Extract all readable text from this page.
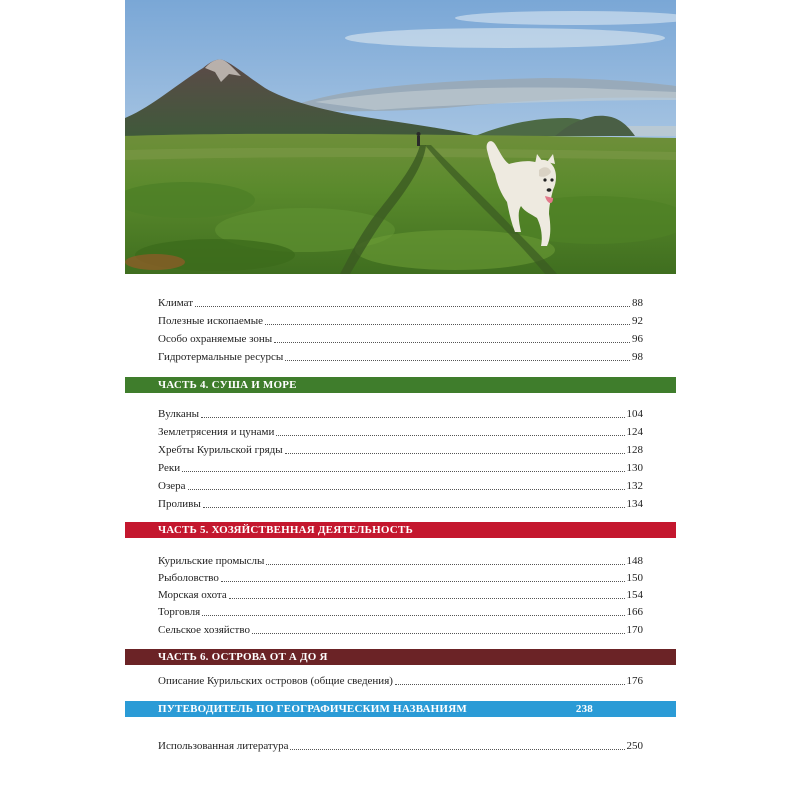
Климат	88
Полезные ископаемые	92
Особо охраняемые зоны	96
Гидротермальные ресурсы	98
ЧАСТЬ 4. СУША И МОРЕ
Вулканы	104
Землетрясения и цунами	124
Хребты Курильской гряды	128
Реки	130
Озера	132
Проливы	134
ЧАСТЬ 5. ХОЗЯЙСТВЕННАЯ ДЕЯТЕЛЬНОСТЬ
Курильские промыслы	148
Рыболовство	150
Морская охота	154
Торговля	166
Сельское хозяйство	170
ЧАСТЬ 6. ОСТРОВА ОТ А ДО Я
Описание Курильских островов (общие сведения)	176
ПУТЕВОДИТЕЛЬ ПО ГЕОГРАФИЧЕСКИМ НАЗВАНИЯМ	238
Использованная литература	250
